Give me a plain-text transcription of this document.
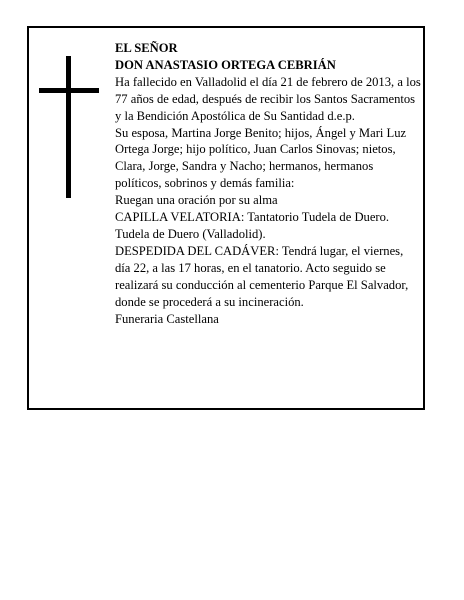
EL SEÑOR

DON ANASTASIO ORTEGA CEBRIÁN

Ha fallecido en Valladolid el día 21 de febrero de 2013, a los 77 años de edad, después de recibir los Santos Sacramentos y la Bendición Apostólica de Su Santidad d.e.p.

Su esposa, Martina Jorge Benito; hijos, Ángel y Mari Luz Ortega Jorge; hijo político, Juan Carlos Sinovas; nietos, Clara, Jorge, Sandra y Nacho; hermanos, hermanos políticos, sobrinos y demás familia:

Ruegan una oración por su alma

CAPILLA VELATORIA: Tantatorio Tudela de Duero. Tudela de Duero (Valladolid).

DESPEDIDA DEL CADÁVER: Tendrá lugar, el viernes, día 22, a las 17 horas, en el tanatorio. Acto seguido se realizará su conducción al cementerio Parque El Salvador, donde se procederá a su incineración.

Funeraria Castellana
